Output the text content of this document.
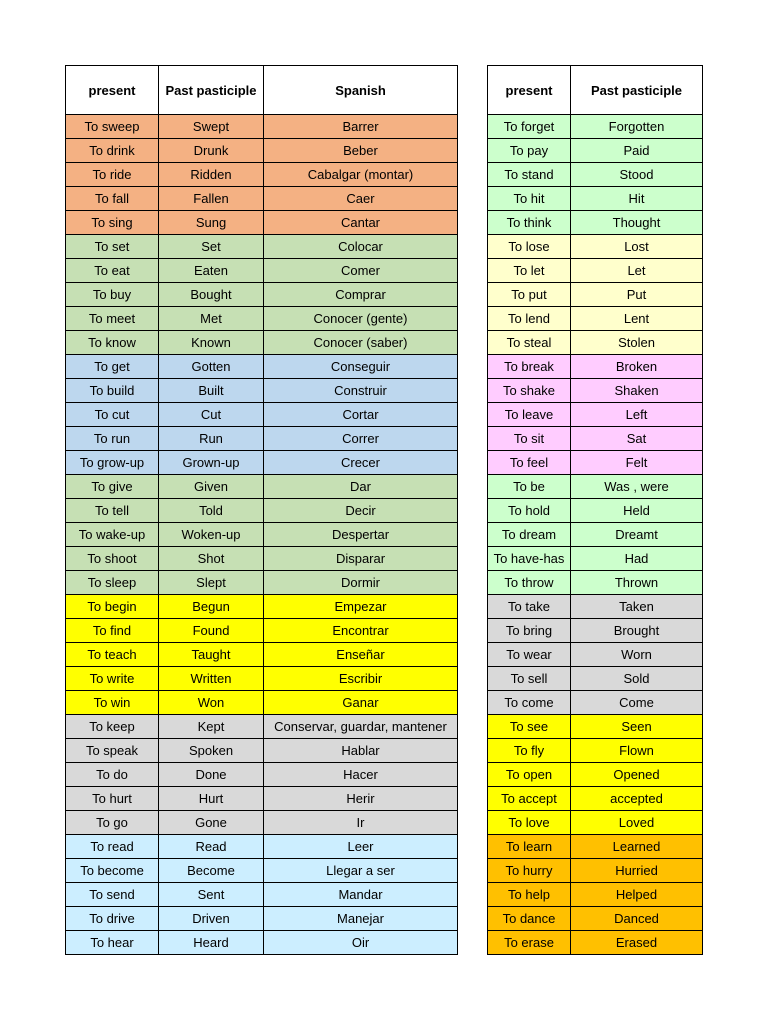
present	Past pasticiple	Spanish
To sweep	Swept	Barrer
To drink	Drunk	Beber
To ride	Ridden	Cabalgar (montar)
To fall	Fallen	Caer
To sing	Sung	Cantar
To set	Set	Colocar
To eat	Eaten	Comer
To buy	Bought	Comprar
To meet	Met	Conocer (gente)
To know	Known	Conocer (saber)
To get	Gotten	Conseguir
To build	Built	Construir
To cut	Cut	Cortar
To run	Run	Correr
To grow-up	Grown-up	Crecer
To give	Given	Dar
To tell	Told	Decir
To wake-up	Woken-up	Despertar
To shoot	Shot	Disparar
To sleep	Slept	Dormir
To begin	Begun	Empezar
To find	Found	Encontrar
To teach	Taught	Enseñar
To write	Written	Escribir
To win	Won	Ganar
To keep	Kept	Conservar, guardar, mantener
To speak	Spoken	Hablar
To do	Done	Hacer
To hurt	Hurt	Herir
To go	Gone	Ir
To read	Read	Leer
To become	Become	Llegar a ser
To send	Sent	Mandar
To drive	Driven	Manejar
To hear	Heard	Oir
present	Past pasticiple
To forget	Forgotten
To pay	Paid
To stand	Stood
To hit	Hit
To think	Thought
To lose	Lost
To let	Let
To put	Put
To lend	Lent
To steal	Stolen
To break	Broken
To shake	Shaken
To leave	Left
To sit	Sat
To feel	Felt
To be	Was , were
To hold	Held
To dream	Dreamt
To have-has	Had
To throw	Thrown
To take	Taken
To bring	Brought
To wear	Worn
To sell	Sold
To come	Come
To see	Seen
To fly	Flown
To open	Opened
To accept	accepted
To love	Loved
To learn	Learned
To hurry	Hurried
To help	Helped
To dance	Danced
To erase	Erased
